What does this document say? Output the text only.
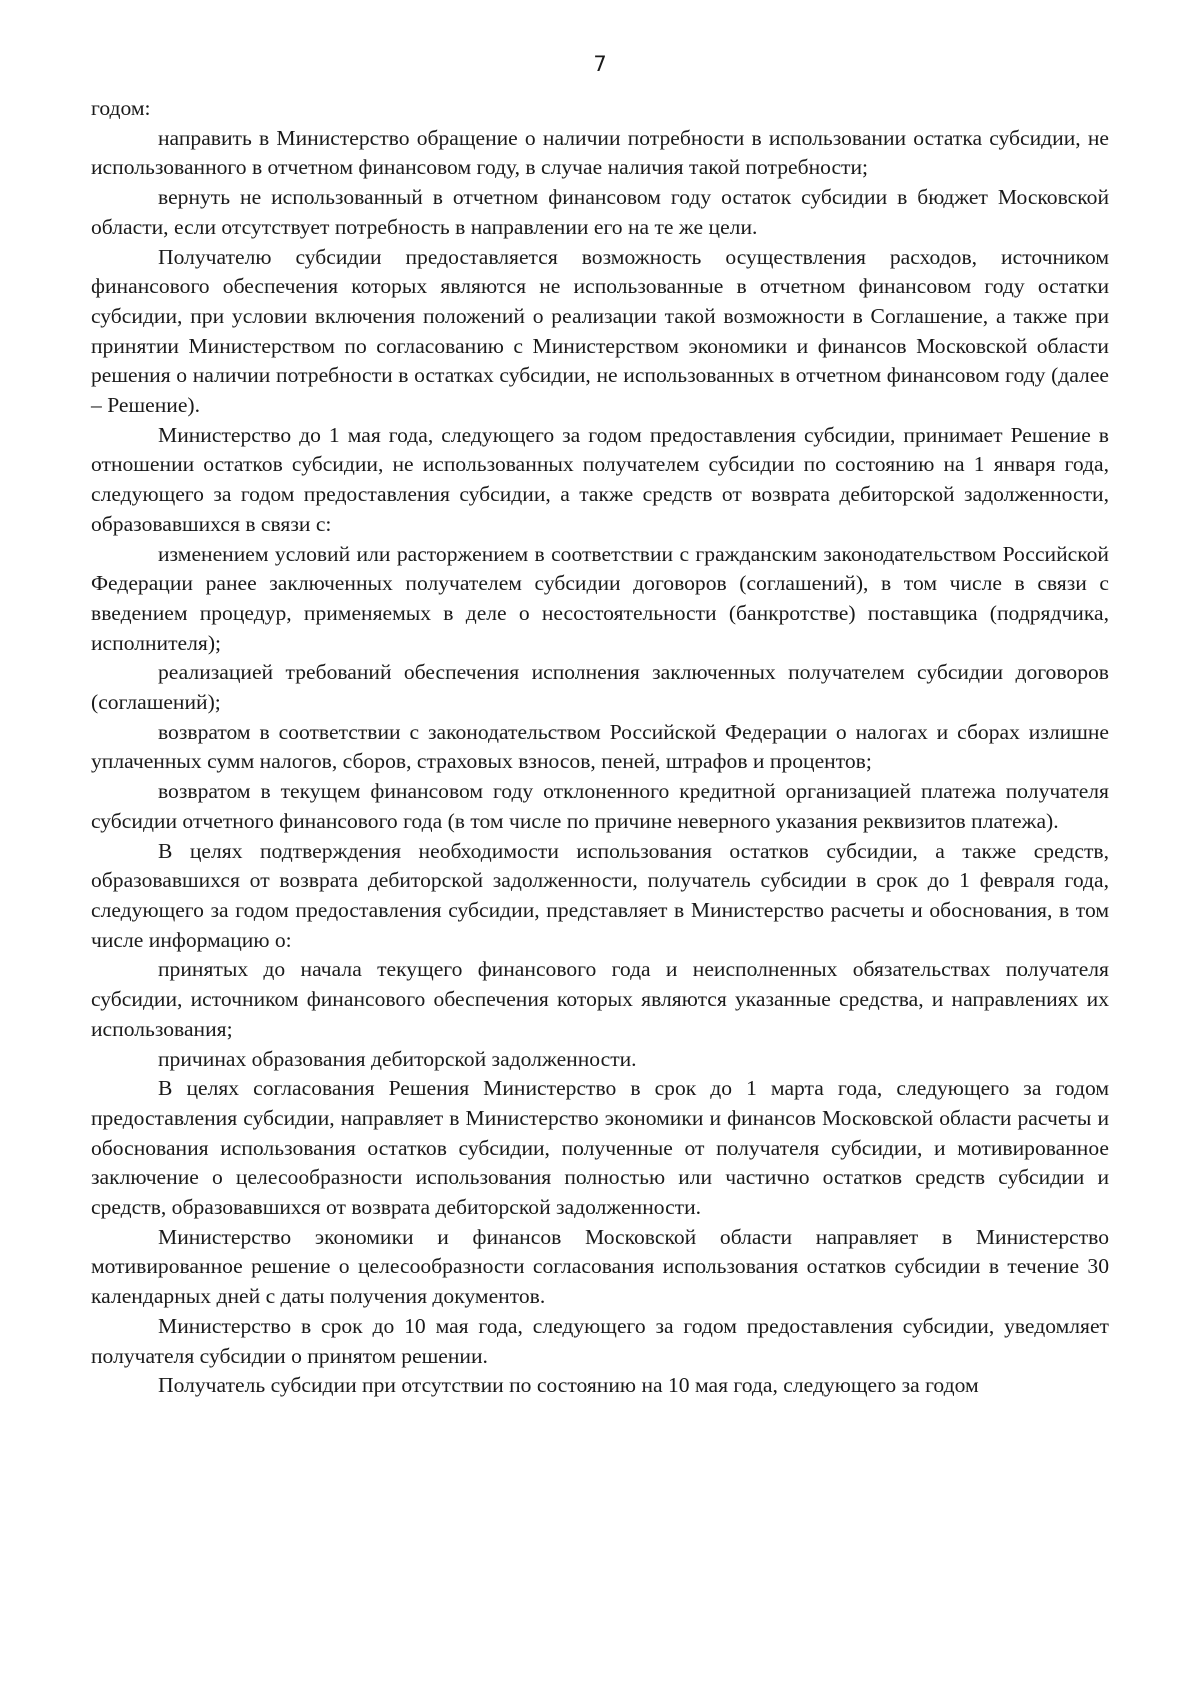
7

годом:

направить в Министерство обращение о наличии потребности в использовании остатка субсидии, не использованного в отчетном финансовом году, в случае наличия такой потребности;

вернуть не использованный в отчетном финансовом году остаток субсидии в бюджет Московской области, если отсутствует потребность в направлении его на те же цели.

Получателю субсидии предоставляется возможность осуществления расходов, источником финансового обеспечения которых являются не использованные в отчетном финансовом году остатки субсидии, при условии включения положений о реализации такой возможности в Соглашение, а также при принятии Министерством по согласованию с Министерством экономики и финансов Московской области решения о наличии потребности в остатках субсидии, не использованных в отчетном финансовом году (далее – Решение).

Министерство до 1 мая года, следующего за годом предоставления субсидии, принимает Решение в отношении остатков субсидии, не использованных получателем субсидии по состоянию на 1 января года, следующего за годом предоставления субсидии, а также средств от возврата дебиторской задолженности, образовавшихся в связи с:

изменением условий или расторжением в соответствии с гражданским законодательством Российской Федерации ранее заключенных получателем субсидии договоров (соглашений), в том числе в связи с введением процедур, применяемых в деле о несостоятельности (банкротстве) поставщика (подрядчика, исполнителя);

реализацией требований обеспечения исполнения заключенных получателем субсидии договоров (соглашений);

возвратом в соответствии с законодательством Российской Федерации о налогах и сборах излишне уплаченных сумм налогов, сборов, страховых взносов, пеней, штрафов и процентов;

возвратом в текущем финансовом году отклоненного кредитной организацией платежа получателя субсидии отчетного финансового года (в том числе по причине неверного указания реквизитов платежа).

В целях подтверждения необходимости использования остатков субсидии, а также средств, образовавшихся от возврата дебиторской задолженности, получатель субсидии в срок до 1 февраля года, следующего за годом предоставления субсидии, представляет в Министерство расчеты и обоснования, в том числе информацию о:

принятых до начала текущего финансового года и неисполненных обязательствах получателя субсидии, источником финансового обеспечения которых являются указанные средства, и направлениях их использования;

причинах образования дебиторской задолженности.

В целях согласования Решения Министерство в срок до 1 марта года, следующего за годом предоставления субсидии, направляет в Министерство экономики и финансов Московской области расчеты и обоснования использования остатков субсидии, полученные от получателя субсидии, и мотивированное заключение о целесообразности использования полностью или частично остатков средств субсидии и средств, образовавшихся от возврата дебиторской задолженности.

Министерство экономики и финансов Московской области направляет в Министерство мотивированное решение о целесообразности согласования использования остатков субсидии в течение 30 календарных дней с даты получения документов.

Министерство в срок до 10 мая года, следующего за годом предоставления субсидии, уведомляет получателя субсидии о принятом решении.

Получатель субсидии при отсутствии по состоянию на 10 мая года, следующего за годом
